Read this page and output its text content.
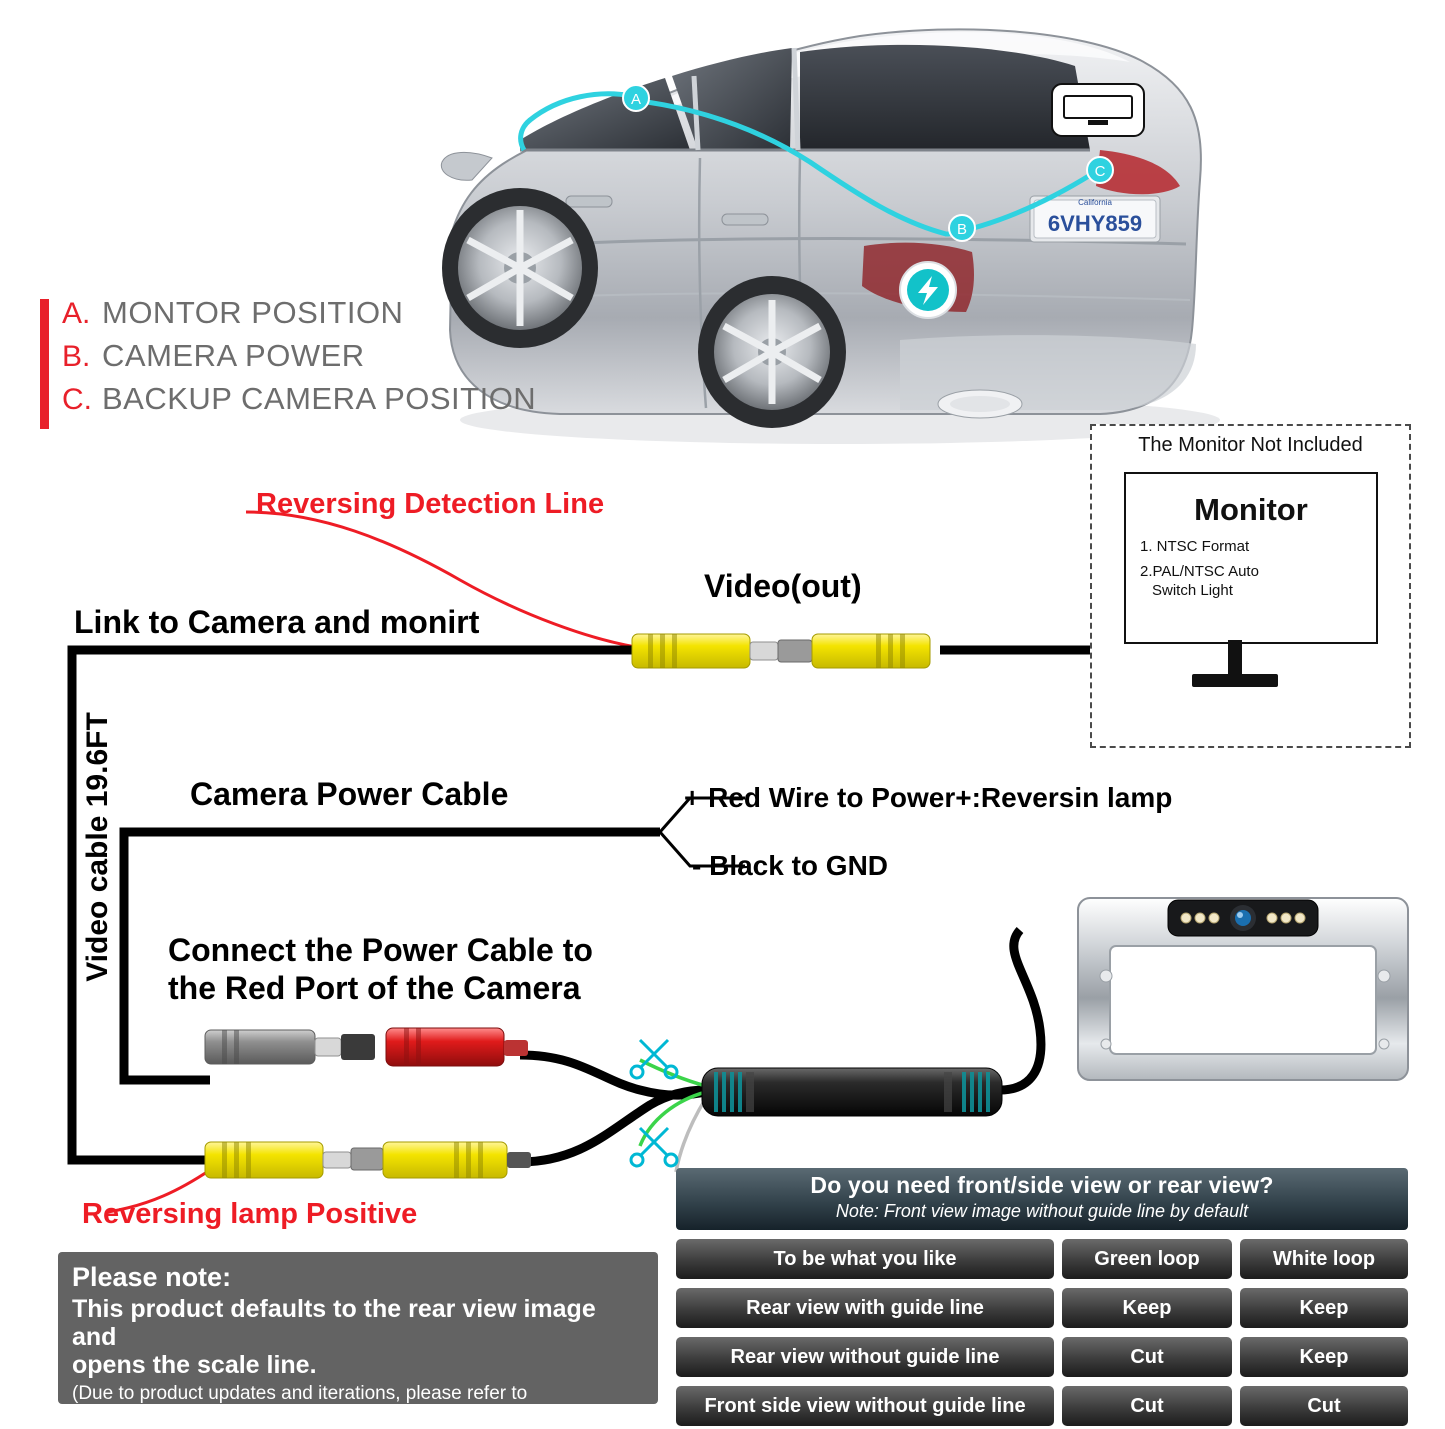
California
6VHY859
A
B
C
A. MONTOR POSITION
B. CAMERA POWER
C. BACKUP CAMERA POSITION
Reversing Detection Line
Video(out)
Link to Camera and monirt
Video cable 19.6FT Camera Power Cable	+ Red Wire to Power+:Reversin lamp
- Black to GND
Connect the Power Cable to
the Red Port of the Camera
Reversing lamp Positive
The Monitor Not Included
Monitor
1. NTSC Format
2.PAL/NTSC Auto
Switch Light
Please note:
This product defaults to the rear view image and
opens the scale line.
(Due to product updates and iterations, please refer to
the manual for installation methods and precautions.)
Do you need front/side view or rear view?
Note: Front view image without guide line by default
To be what you like	Green loop	White loop
Rear view with guide line	Keep	Keep
Rear view without guide line	Cut	Keep
Front side view without guide line	Cut	Cut
